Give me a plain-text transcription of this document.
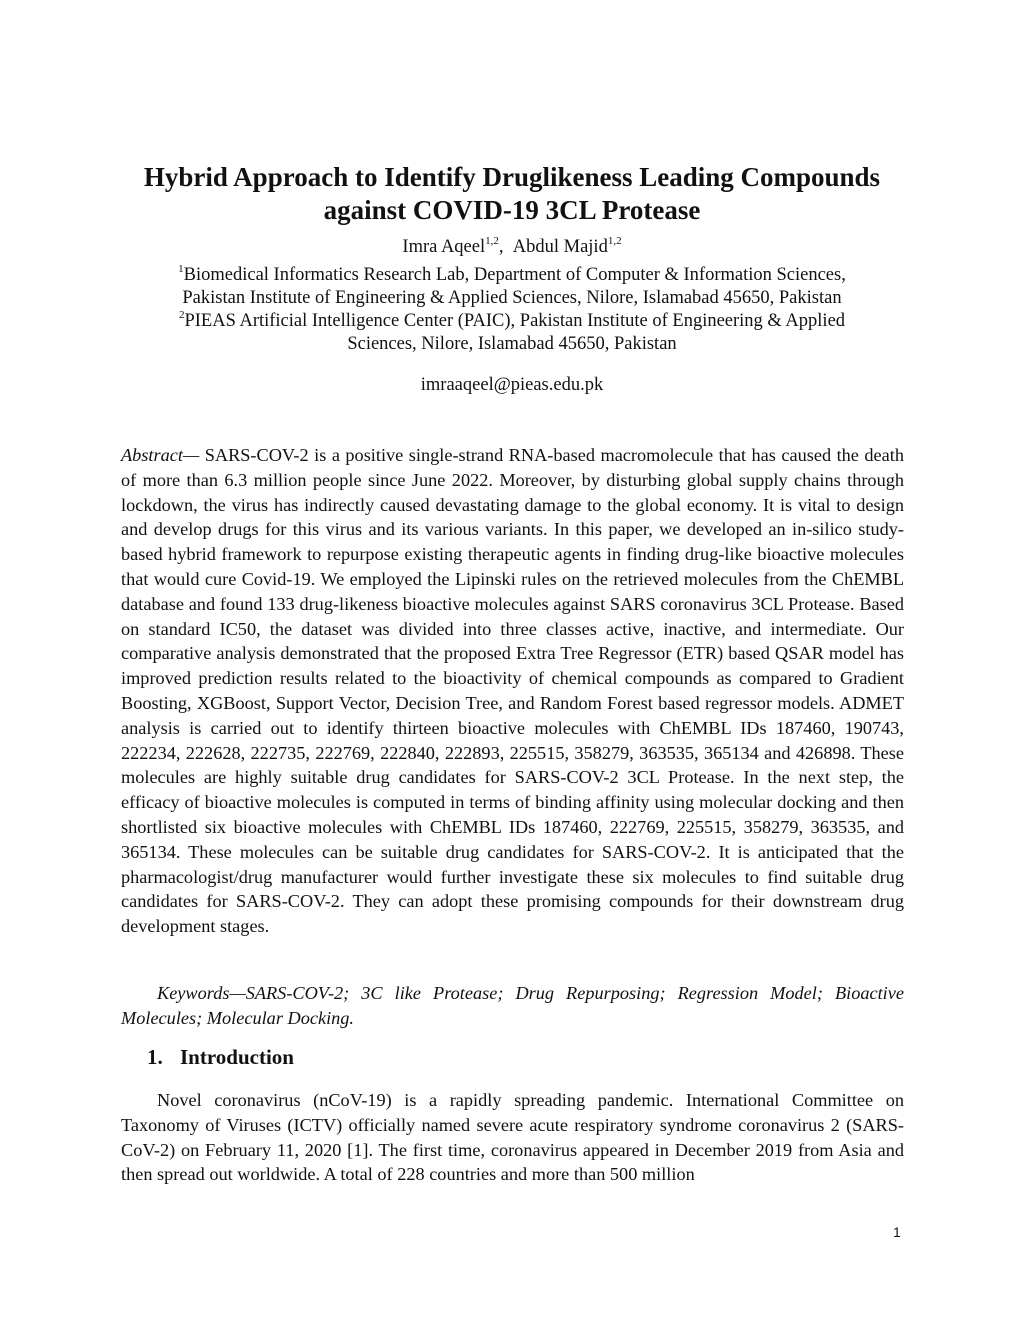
Hybrid Approach to Identify Druglikeness Leading Compounds
against COVID-19 3CL Protease
Imra Aqeel$^{1,2}$,  Abdul Majid$^{1,2}$
$^1$Biomedical Informatics Research Lab, Department of Computer & Information Sciences,
Pakistan Institute of Engineering & Applied Sciences, Nilore, Islamabad 45650, Pakistan
$^2$PIEAS Artificial Intelligence Center (PAIC), Pakistan Institute of Engineering & Applied
Sciences, Nilore, Islamabad 45650, Pakistan
imraaqeel@pieas.edu.pk

Abstract— SARS-COV-2 is a positive single-strand RNA-based macromolecule that has caused the death of more than 6.3 million people since June 2022. Moreover, by disturbing global supply chains through lockdown, the virus has indirectly caused devastating damage to the global economy. It is vital to design and develop drugs for this virus and its various variants. In this paper, we developed an in-silico study-based hybrid framework to repurpose existing therapeutic agents in finding drug-like bioactive molecules that would cure Covid-19. We employed the Lipinski rules on the retrieved molecules from the ChEMBL database and found 133 drug-likeness bioactive molecules against SARS coronavirus 3CL Protease. Based on standard IC50, the dataset was divided into three classes active, inactive, and intermediate. Our comparative analysis demonstrated that the proposed Extra Tree Regressor (ETR) based QSAR model has improved prediction results related to the bioactivity of chemical compounds as compared to Gradient Boosting, XGBoost, Support Vector, Decision Tree, and Random Forest based regressor models. ADMET analysis is carried out to identify thirteen bioactive molecules with ChEMBL IDs 187460, 190743, 222234, 222628, 222735, 222769, 222840, 222893, 225515, 358279, 363535, 365134 and 426898. These molecules are highly suitable drug candidates for SARS-COV-2 3CL Protease. In the next step, the efficacy of bioactive molecules is computed in terms of binding affinity using molecular docking and then shortlisted six bioactive molecules with ChEMBL IDs 187460, 222769, 225515, 358279, 363535, and 365134. These molecules can be suitable drug candidates for SARS-COV-2. It is anticipated that the pharmacologist/drug manufacturer would further investigate these six molecules to find suitable drug candidates for SARS-COV-2. They can adopt these promising compounds for their downstream drug development stages.

Keywords—SARS-COV-2; 3C like Protease; Drug Repurposing; Regression Model; Bioactive Molecules; Molecular Docking.

1. Introduction

Novel coronavirus (nCoV-19) is a rapidly spreading pandemic. International Committee on Taxonomy of Viruses (ICTV) officially named severe acute respiratory syndrome coronavirus 2 (SARS-CoV-2) on February 11, 2020 [1]. The first time, coronavirus appeared in December 2019 from Asia and then spread out worldwide. A total of 228 countries and more than 500 million

1
